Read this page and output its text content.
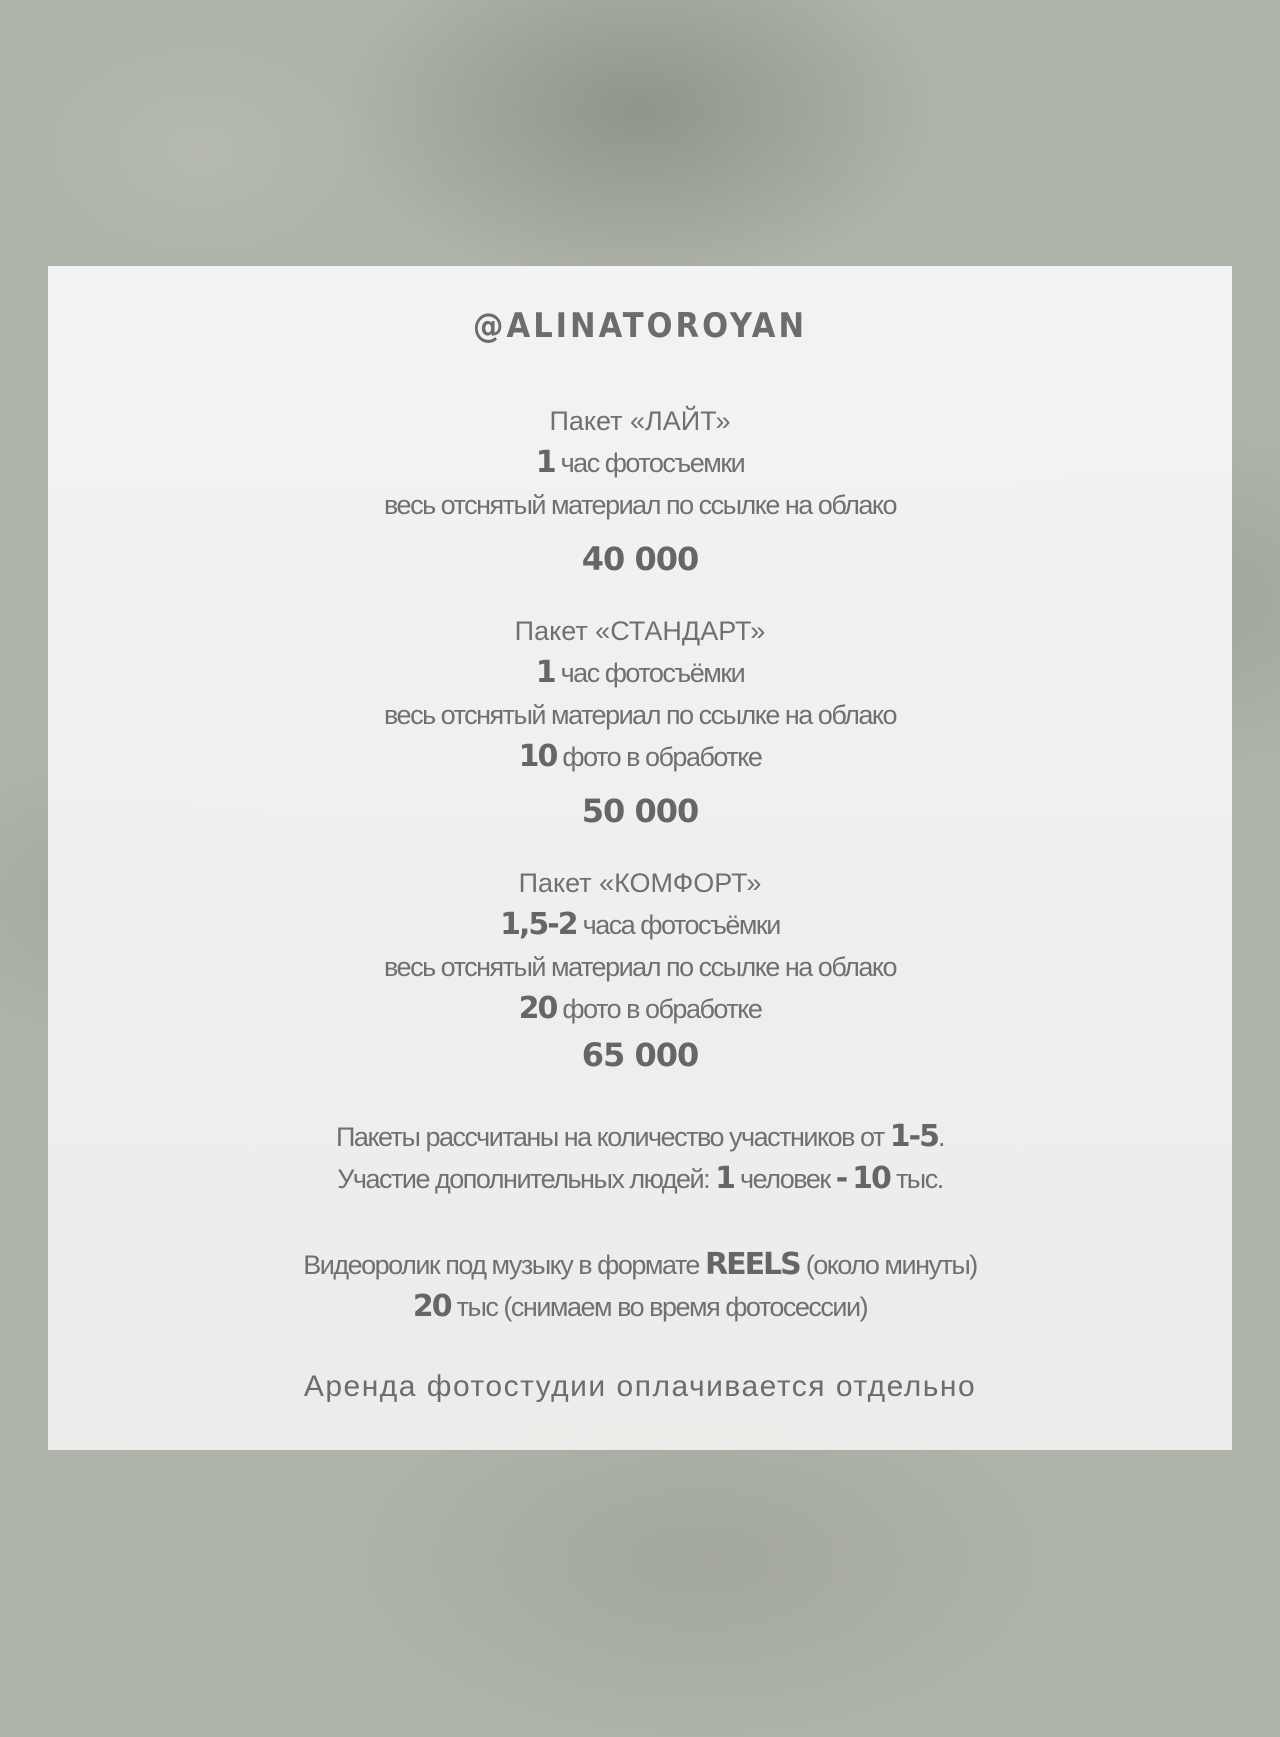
@ALINATOROYAN
Пакет «ЛАЙТ»
1 час фотосъемки
весь отснятый материал по ссылке на облако
40 000
Пакет «СТАНДАРТ»
1 час фотосъёмки
весь отснятый материал по ссылке на облако
10 фото в обработке
50 000
Пакет «КОМФОРТ»
1,5-2 часа фотосъёмки
весь отснятый материал по ссылке на облако
20 фото в обработке
65 000
Пакеты рассчитаны на количество участников от 1-5.
Участие дополнительных людей: 1 человек - 10 тыс.
Видеоролик под музыку в формате REELS (около минуты)
20 тыс (снимаем во время фотосессии)
Аренда фотостудии оплачивается отдельно
